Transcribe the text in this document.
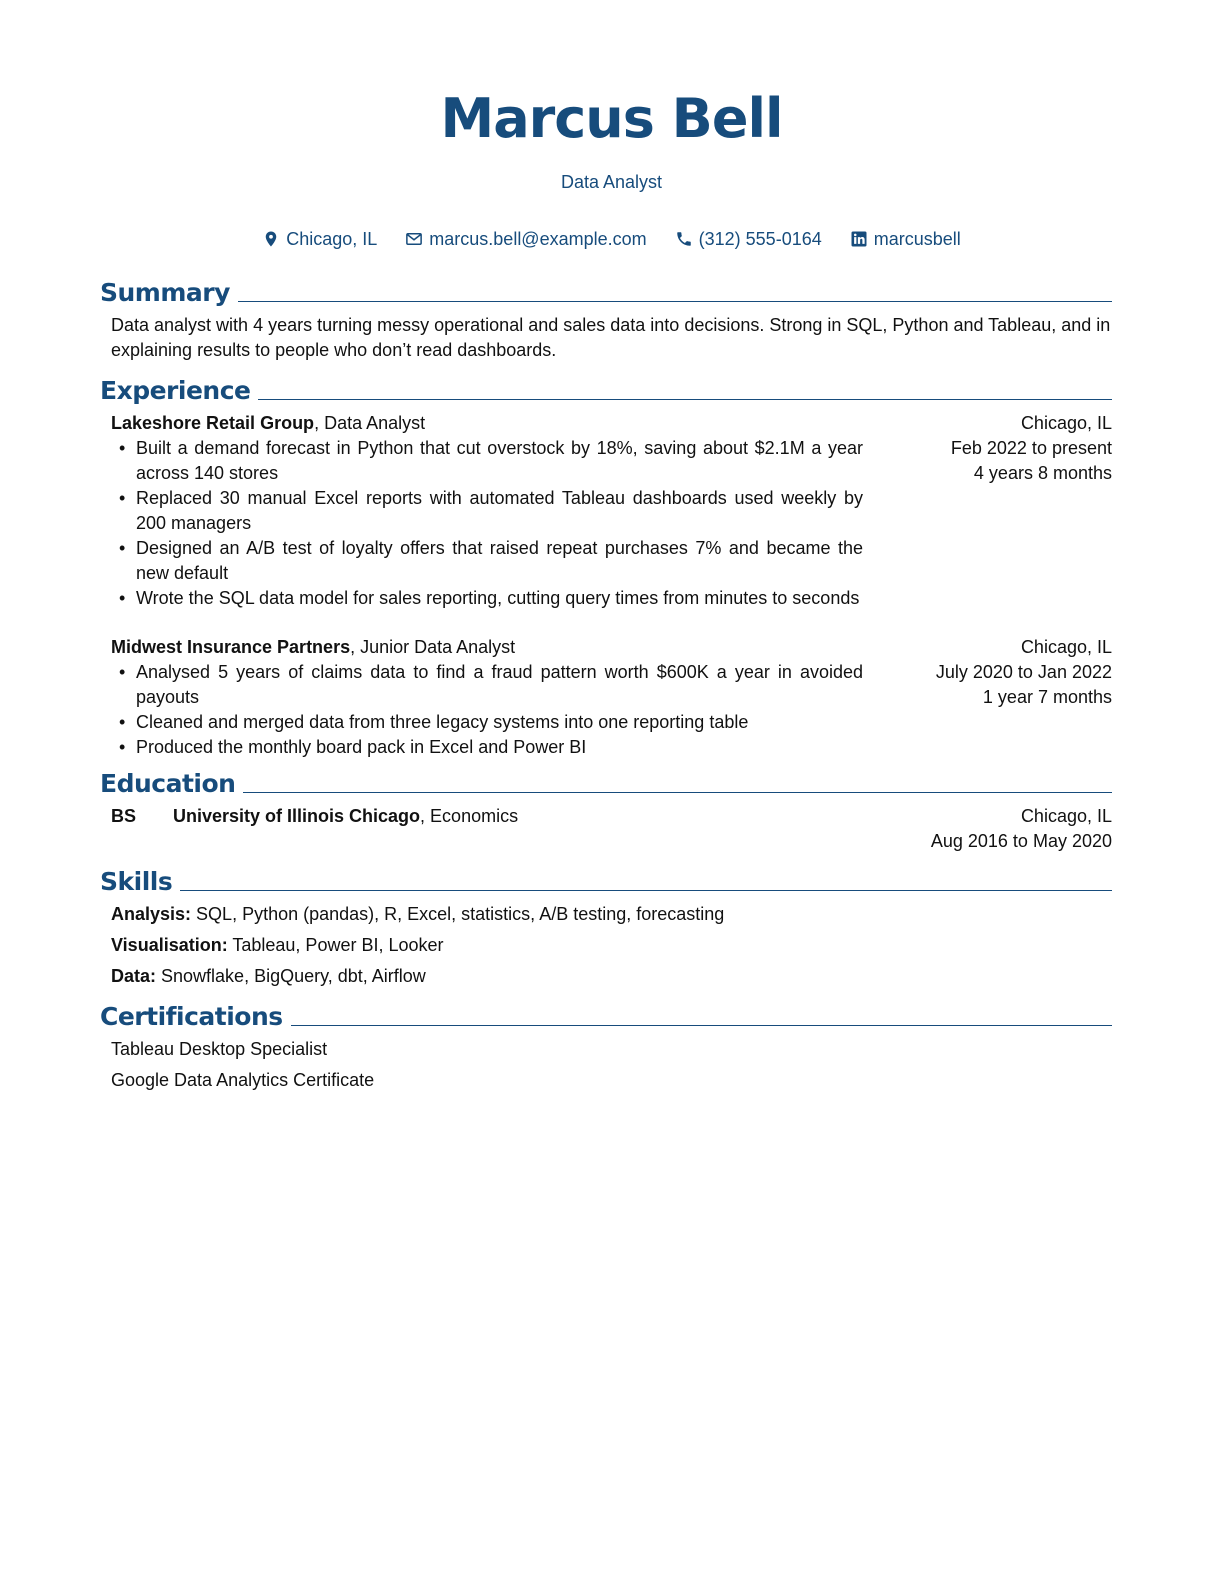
Marcus Bell
Data Analyst
Chicago, IL	marcus.bell@example.com	(312) 555-0164	marcusbell
Summary
Data analyst with 4 years turning messy operational and sales data into decisions. Strong in SQL, Python and Tableau, and in explaining results to people who don’t read dashboards.
Experience
Lakeshore Retail Group, Data Analyst
• Built a demand forecast in Python that cut overstock by 18%, saving about $2.1M a year across 140 stores
• Replaced 30 manual Excel reports with automated Tableau dashboards used weekly by 200 managers
• Designed an A/B test of loyalty offers that raised repeat purchases 7% and became the new default
• Wrote the SQL data model for sales reporting, cutting query times from minutes to seconds
Chicago, IL
Feb 2022 to present
4 years 8 months
Midwest Insurance Partners, Junior Data Analyst
• Analysed 5 years of claims data to find a fraud pattern worth $600K a year in avoided payouts
• Cleaned and merged data from three legacy systems into one reporting table
• Produced the monthly board pack in Excel and Power BI
Chicago, IL
July 2020 to Jan 2022
1 year 7 months
Education
BS	University of Illinois Chicago, Economics	Chicago, IL
Aug 2016 to May 2020
Skills
Analysis: SQL, Python (pandas), R, Excel, statistics, A/B testing, forecasting
Visualisation: Tableau, Power BI, Looker
Data: Snowflake, BigQuery, dbt, Airflow
Certifications
Tableau Desktop Specialist
Google Data Analytics Certificate
